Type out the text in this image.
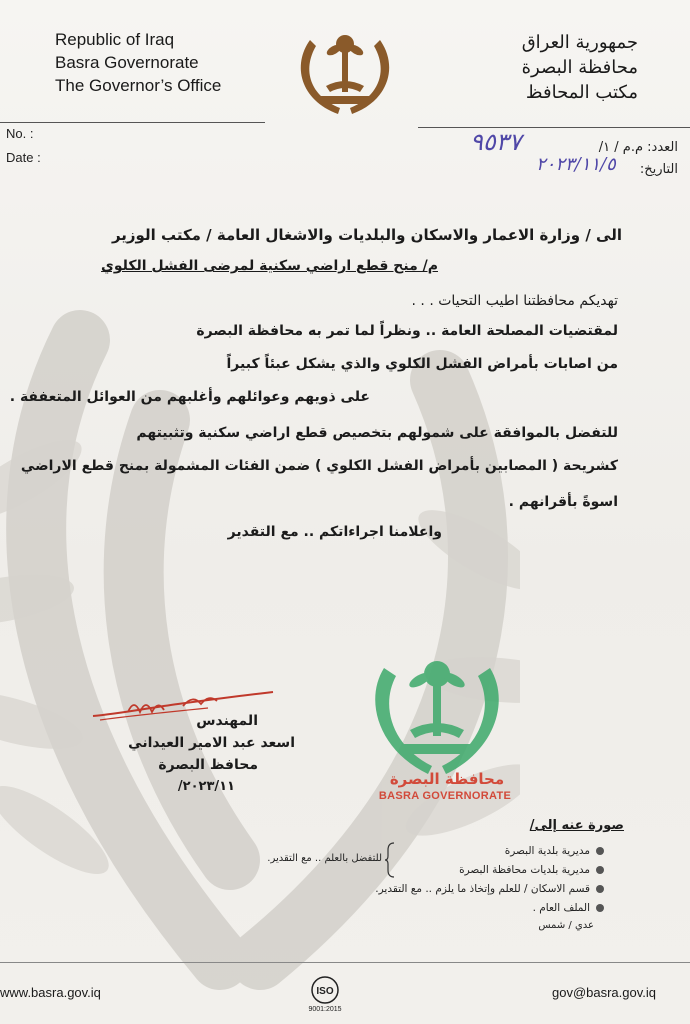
Republic of Iraq
Basra Governorate
The Governor’s Office
جمهورية العراق
محافظة البصرة
مكتب المحافظ
No. :
Date :
العدد: م.م / ١/
٩٥٣٧
التاريخ:
٢٠٢٣/١١/٥
الى / وزارة الاعمار والاسكان والبلديات والاشغال العامة / مكتب الوزير
م/ منح قطع اراضي سكنية لمرضى الفشل الكلوي
تهديكم محافظتنا اطيب التحيات . . .
لمقتضيات المصلحة العامة .. ونظراً لما تمر به محافظة البصرة
من اصابات بأمراض الفشل الكلوي والذي يشكل عبئاً كبيراً
على ذويهم وعوائلهم وأغلبهم من العوائل المتعففة .
للتفضل بالموافقة على شمولهم بتخصيص قطع اراضي سكنية وتثبيتهم
كشريحة ( المصابين بأمراض الفشل الكلوي ) ضمن الفئات المشمولة بمنح قطع الاراضي
اسوةً بأقرانهم .
واعلامنا اجراءاتكم .. مع التقدير
المهندس
اسعد عبد الامير العيداني
محافظ البصرة
٢٠٢٣/١١/	محافظة البصرة
BASRA GOVERNORATE
صورة عنه إلى/
مديرية بلدية البصرة
مديرية بلديات محافظة البصرة
قسم الاسكان / للعلم وإتخاذ ما يلزم .. مع التقدير.
الملف العام .
للتفضل بالعلم .. مع التقدير.
عدي / شمس
www.basra.gov.iq	ISO
9001:2015
gov@basra.gov.iq
